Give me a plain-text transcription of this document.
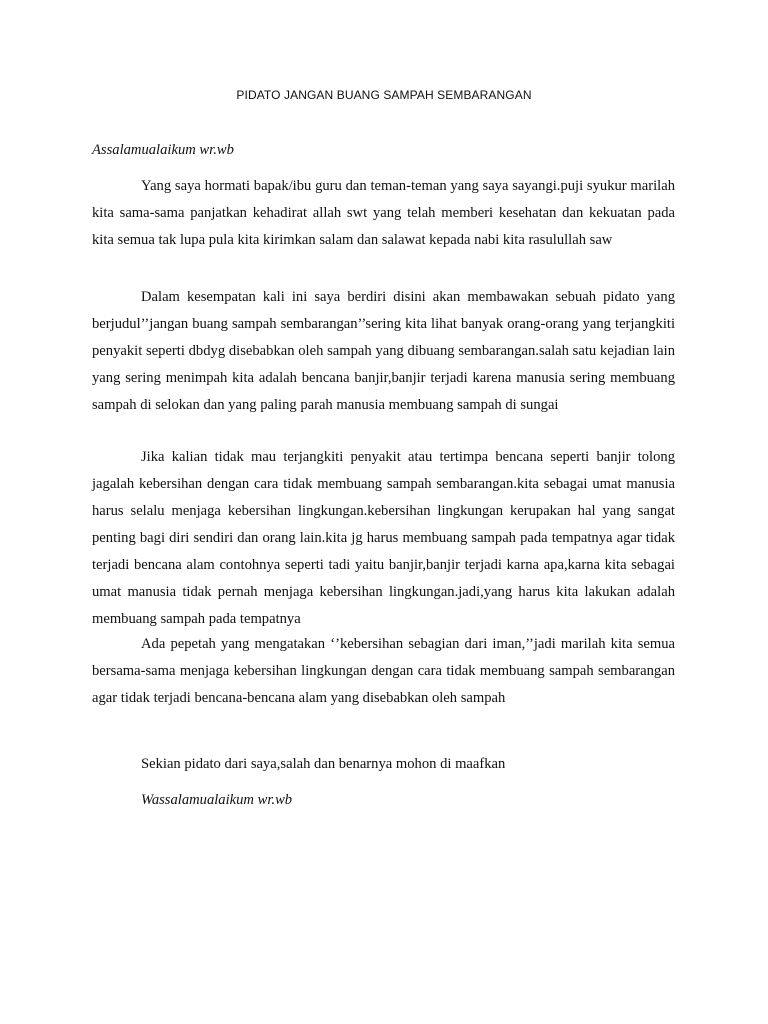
PIDATO JANGAN BUANG SAMPAH SEMBARANGAN
Assalamualaikum wr.wb

Yang saya hormati bapak/ibu guru dan teman-teman yang saya sayangi.puji syukur marilah kita sama-sama panjatkan kehadirat allah swt yang telah memberi kesehatan dan kekuatan pada kita semua tak lupa pula kita kirimkan salam dan salawat kepada nabi kita rasulullah saw

Dalam kesempatan kali ini saya berdiri disini akan membawakan sebuah pidato yang berjudul’’jangan buang sampah sembarangan’’sering kita lihat banyak orang-orang yang terjangkiti penyakit seperti dbdyg disebabkan oleh sampah yang dibuang sembarangan.salah satu kejadian lain yang sering menimpah kita adalah bencana banjir,banjir terjadi karena manusia sering membuang sampah di selokan dan yang paling parah manusia membuang sampah di sungai

Jika kalian tidak mau terjangkiti penyakit atau tertimpa bencana seperti banjir tolong jagalah kebersihan dengan cara tidak membuang sampah sembarangan.kita sebagai umat manusia harus selalu menjaga kebersihan lingkungan.kebersihan lingkungan kerupakan hal yang sangat penting bagi diri sendiri dan orang lain.kita jg harus membuang sampah pada tempatnya agar tidak terjadi bencana alam contohnya seperti tadi yaitu banjir,banjir terjadi karna apa,karna kita sebagai umat manusia tidak pernah menjaga kebersihan lingkungan.jadi,yang harus kita lakukan adalah membuang sampah pada tempatnya

Ada pepetah yang mengatakan ‘’kebersihan sebagian dari iman,’’jadi marilah kita semua bersama-sama menjaga kebersihan lingkungan dengan cara tidak membuang sampah sembarangan agar tidak terjadi bencana-bencana alam yang disebabkan oleh sampah

Sekian pidato dari saya,salah dan benarnya mohon di maafkan
Wassalamualaikum wr.wb
